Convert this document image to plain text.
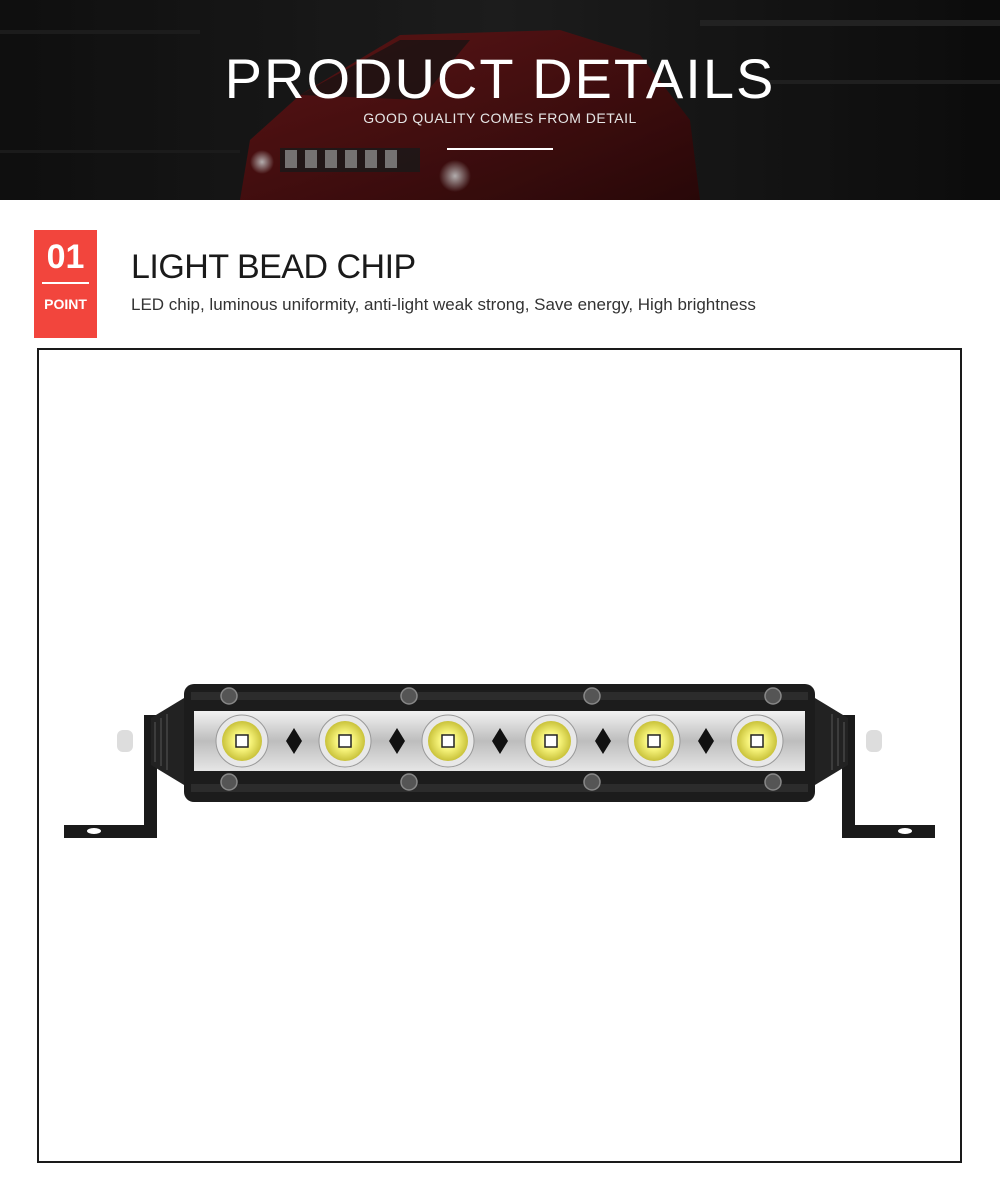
PRODUCT DETAILS
GOOD QUALITY COMES FROM DETAIL
01
POINT
LIGHT BEAD CHIP
LED chip, luminous uniformity, anti-light weak strong, Save energy, High brightness
